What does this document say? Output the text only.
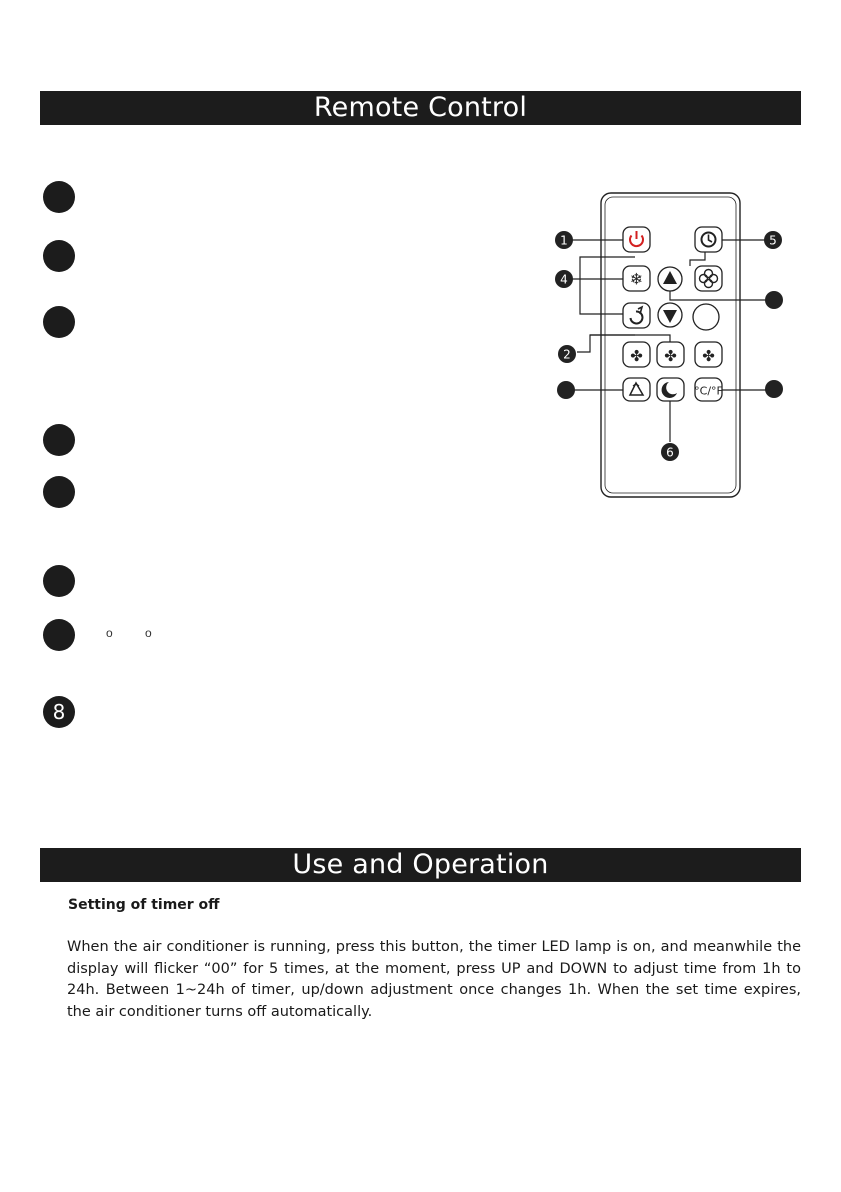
Remote Control
8
o	o
❄
✤ ✤ ✤
°C/°F
1	5
4
2
6
Use and Operation
Setting of timer off

When the air conditioner is running, press this button, the timer LED lamp is on, and meanwhile the display will flicker “00” for 5 times, at the moment, press UP and DOWN to adjust time from 1h to 24h. Between 1~24h of timer, up/down adjustment once changes 1h. When the set time expires, the air conditioner turns off automatically.
